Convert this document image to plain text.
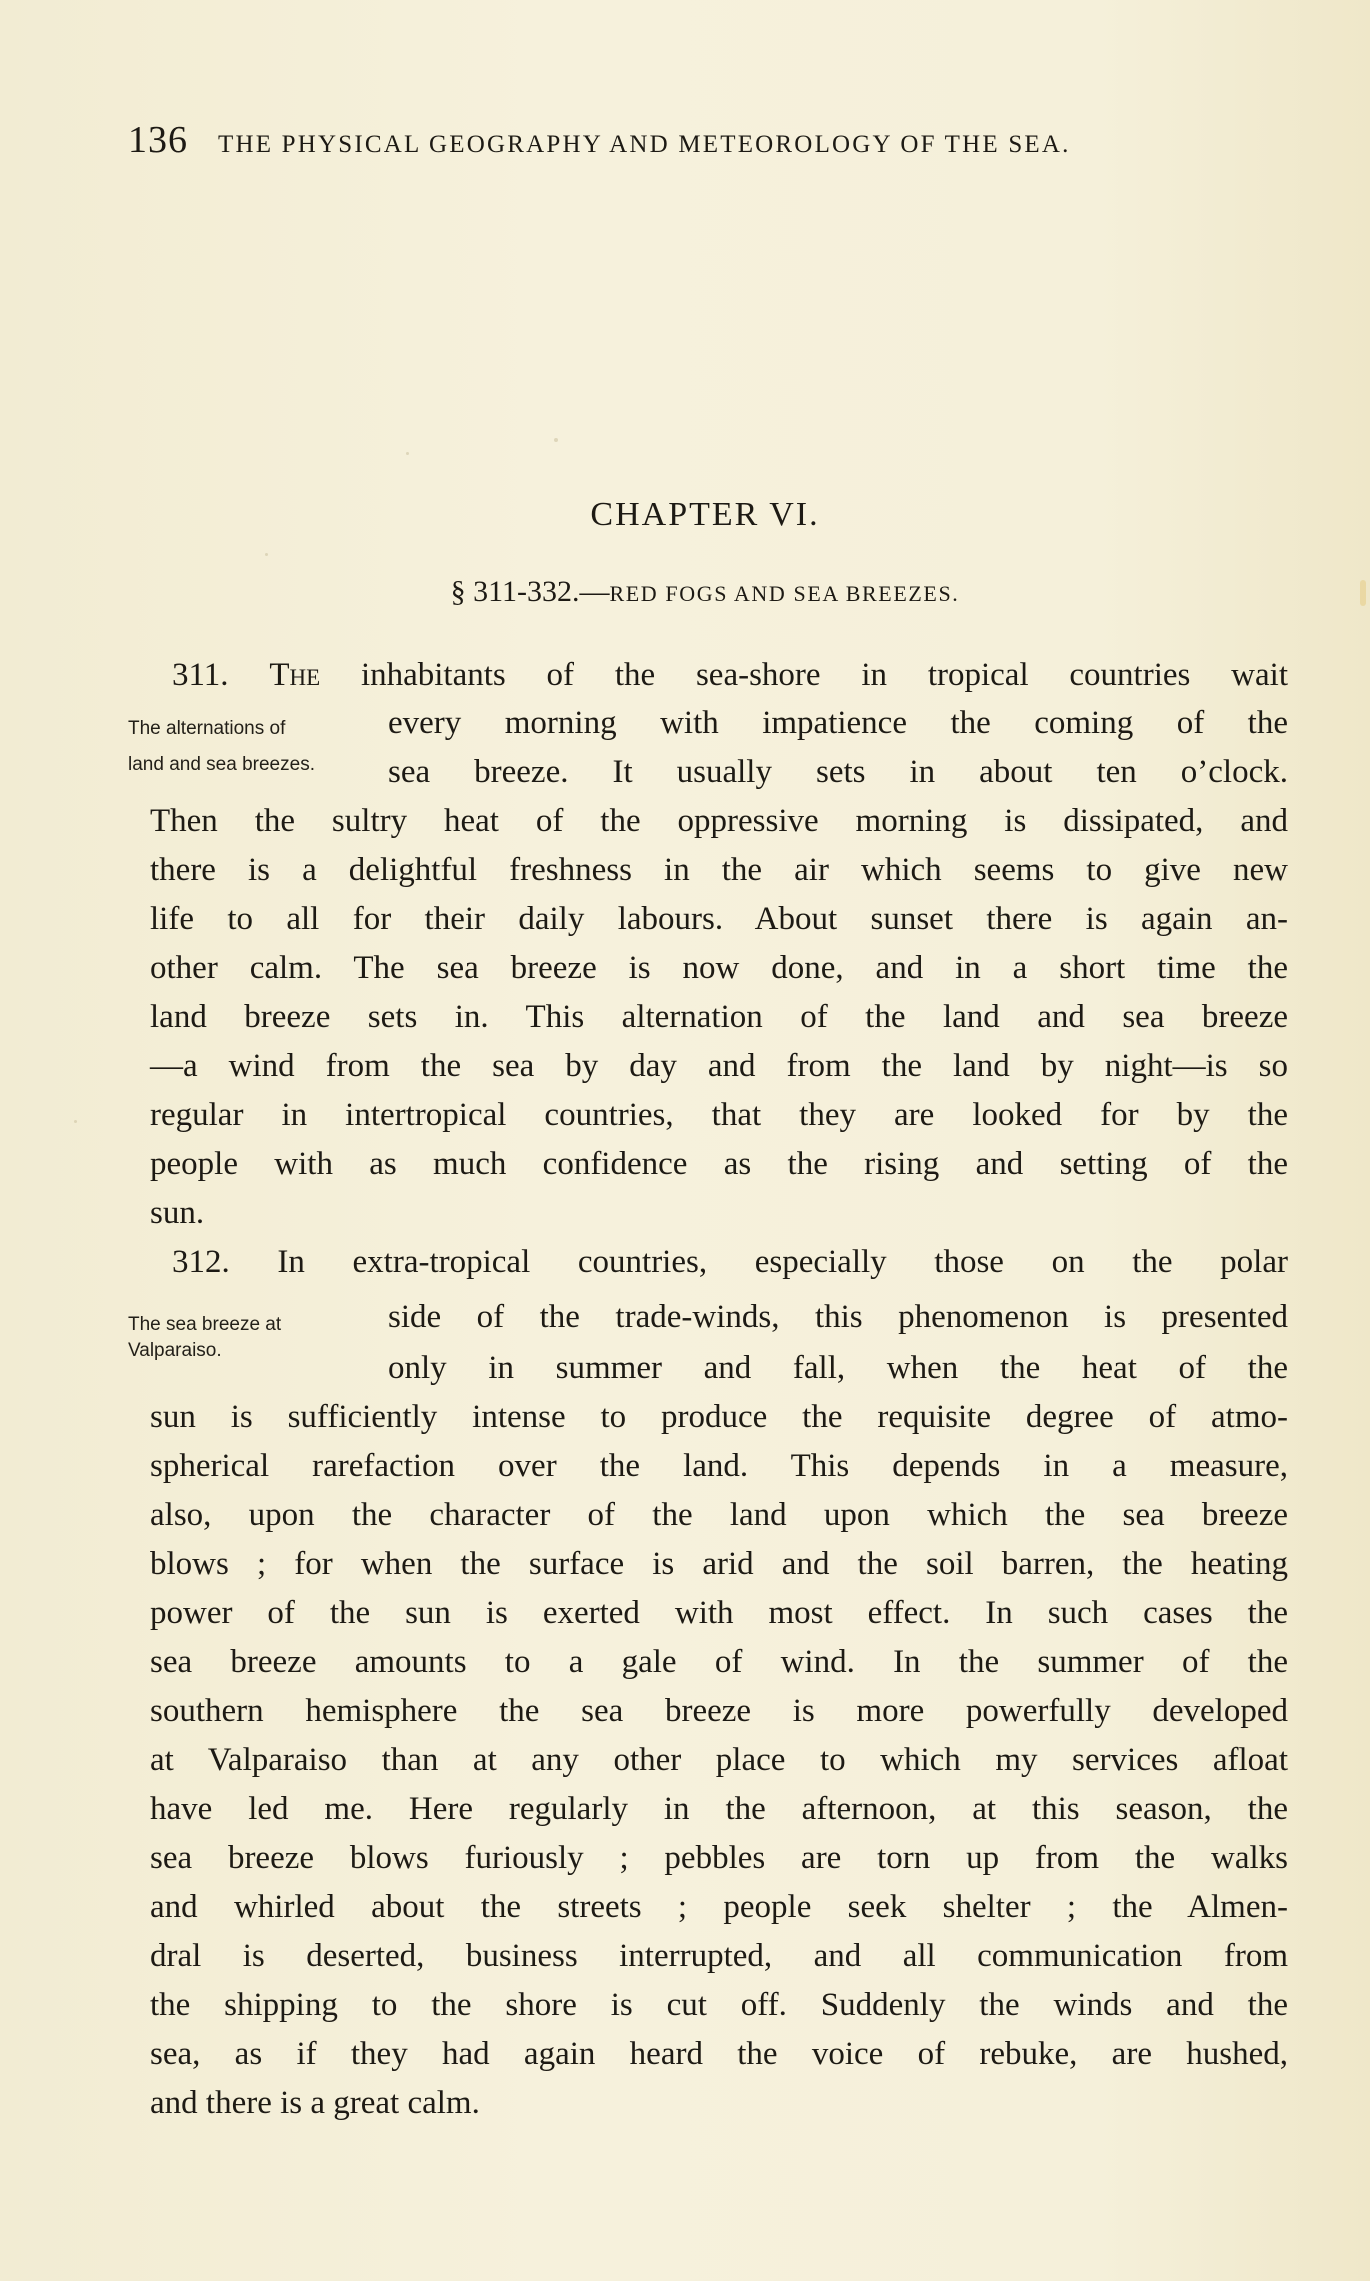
136 THE PHYSICAL GEOGRAPHY AND METEOROLOGY OF THE SEA.
CHAPTER VI.
§ 311-332.—RED FOGS AND SEA BREEZES.
311. The inhabitants of the sea-shore in tropical countries wait
The alternations of
land and sea breezes.
every morning with impatience the coming of the
sea breeze. It usually sets in about ten o’clock.
Then the sultry heat of the oppressive morning is dissipated, and
there is a delightful freshness in the air which seems to give new
life to all for their daily labours. About sunset there is again an-
other calm. The sea breeze is now done, and in a short time the
land breeze sets in. This alternation of the land and sea breeze
—a wind from the sea by day and from the land by night—is so
regular in intertropical countries, that they are looked for by the
people with as much confidence as the rising and setting of the
sun.
312. In extra-tropical countries, especially those on the polar
The sea breeze at
Valparaiso.
side of the trade-winds, this phenomenon is presented
only in summer and fall, when the heat of the
sun is sufficiently intense to produce the requisite degree of atmo-
spherical rarefaction over the land. This depends in a measure,
also, upon the character of the land upon which the sea breeze
blows ; for when the surface is arid and the soil barren, the heating
power of the sun is exerted with most effect. In such cases the
sea breeze amounts to a gale of wind. In the summer of the
southern hemisphere the sea breeze is more powerfully developed
at Valparaiso than at any other place to which my services afloat
have led me. Here regularly in the afternoon, at this season, the
sea breeze blows furiously ; pebbles are torn up from the walks
and whirled about the streets ; people seek shelter ; the Almen-
dral is deserted, business interrupted, and all communication from
the shipping to the shore is cut off. Suddenly the winds and the
sea, as if they had again heard the voice of rebuke, are hushed,
and there is a great calm.
